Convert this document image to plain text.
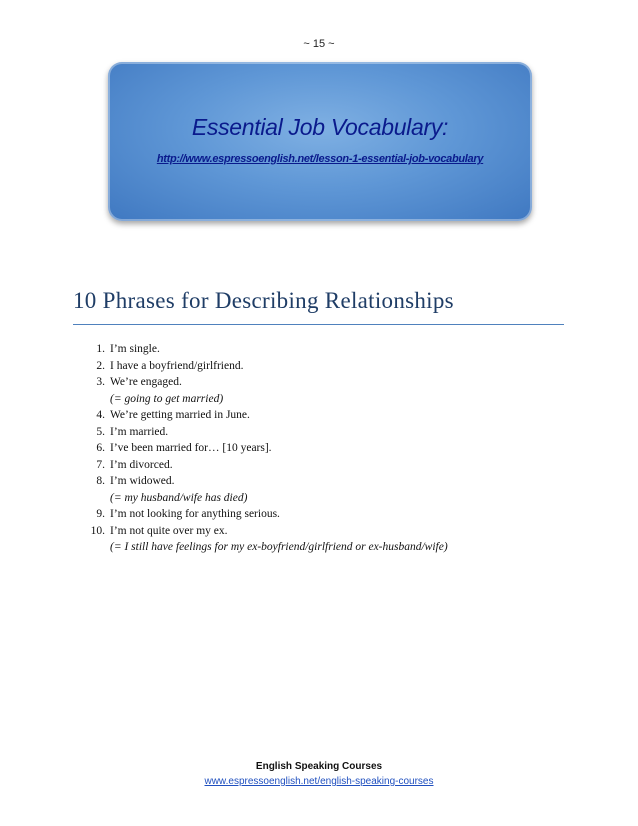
~ 15 ~
Essential Job Vocabulary:
http://www.espressoenglish.net/lesson-1-essential-job-vocabulary
10 Phrases for Describing Relationships
1. I’m single.
2. I have a boyfriend/girlfriend.
3. We’re engaged.
(= going to get married)
4. We’re getting married in June.
5. I’m married.
6. I’ve been married for… [10 years].
7. I’m divorced.
8. I’m widowed.
(= my husband/wife has died)
9. I’m not looking for anything serious.
10. I’m not quite over my ex.
(= I still have feelings for my ex-boyfriend/girlfriend or ex-husband/wife)
English Speaking Courses
www.espressoenglish.net/english-speaking-courses
